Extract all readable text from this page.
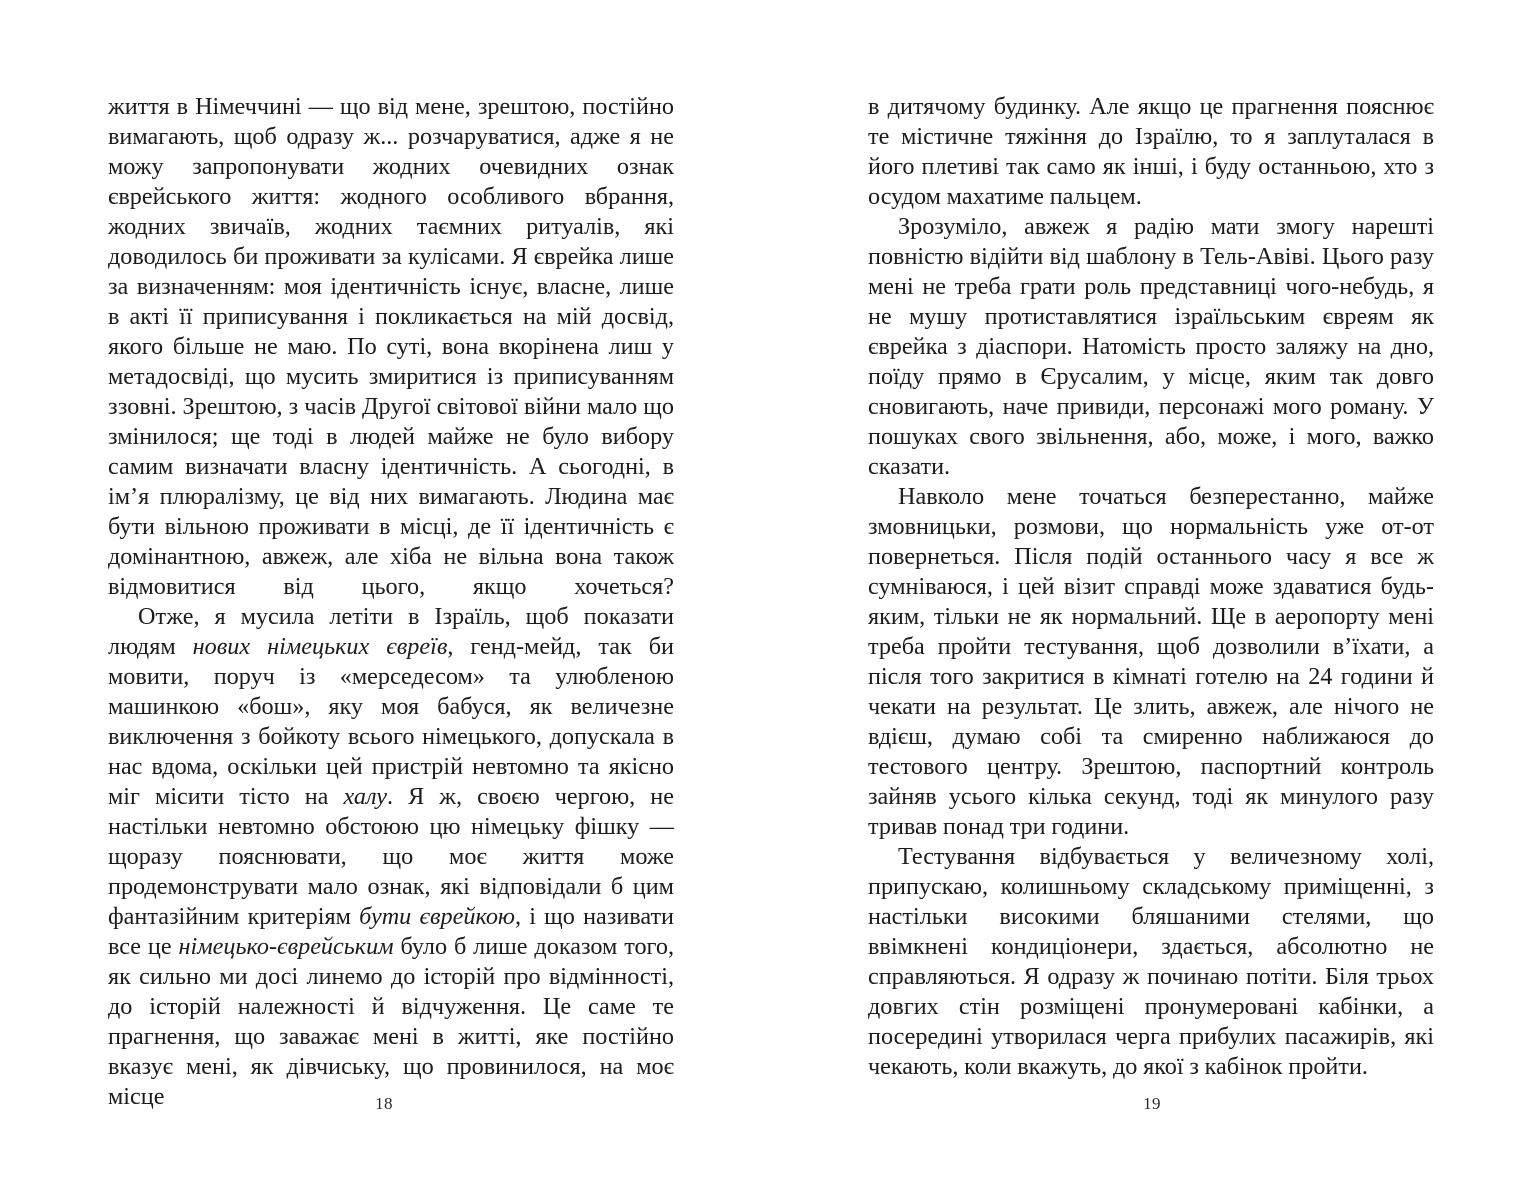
життя в Німеччині — що від мене, зрештою, постійно вимагають, щоб одразу ж... розчаруватися, адже я не можу запропонувати жодних очевидних ознак єврейського життя: жодного особливого вбрання, жодних звичаїв, жодних таємних ритуалів, які доводилось би проживати за кулісами. Я єврейка лише за визначенням: моя ідентичність існує, власне, лише в акті її приписування і покликається на мій досвід, якого більше не маю. По суті, вона вкорінена лиш у метадосвіді, що мусить змиритися із приписуванням ззовні. Зрештою, з часів Другої світової війни мало що змінилося; ще тоді в людей майже не було вибору самим визначати власну ідентичність. А сьогодні, в ім’я плюралізму, це від них вимагають. Людина має бути вільною проживати в місці, де її ідентичність є домінантною, авжеж, але хіба не вільна вона також відмовитися від цього, якщо хочеться?

Отже, я мусила летіти в Ізраїль, щоб показати людям нових німецьких євреїв, генд-мейд, так би мовити, поруч із «мерседесом» та улюбленою машинкою «бош», яку моя бабуся, як величезне виключення з бойкоту всього німецького, допускала в нас вдома, оскільки цей пристрій невтомно та якісно міг місити тісто на халу. Я ж, своєю чергою, не настільки невтомно обстоюю цю німецьку фішку — щоразу пояснювати, що моє життя може продемонструвати мало ознак, які відповідали б цим фантазійним критеріям бути єврейкою, і що називати все це німецько-єврейським було б лише доказом того, як сильно ми досі линемо до історій про відмінності, до історій належності й відчуження. Це саме те прагнення, що заважає мені в житті, яке постійно вказує мені, як дівчиську, що провинилося, на моє місце	18

в дитячому будинку. Але якщо це прагнення пояснює те містичне тяжіння до Ізраїлю, то я заплуталася в його плетиві так само як інші, і буду останньою, хто з осудом махатиме пальцем.

Зрозуміло, авжеж я радію мати змогу нарешті повністю відійти від шаблону в Тель-Авіві. Цього разу мені не треба грати роль представниці чого-небудь, я не мушу протиставлятися ізраїльським євреям як єврейка з діаспори. Натомість просто заляжу на дно, поїду прямо в Єрусалим, у місце, яким так довго сновигають, наче привиди, персонажі мого роману. У пошуках свого звільнення, або, може, і мого, важко сказати.

Навколо мене точаться безперестанно, майже змовницьки, розмови, що нормальність уже от-от повернеться. Після подій останнього часу я все ж сумніваюся, і цей візит справді може здаватися будь-яким, тільки не як нормальний. Ще в аеропорту мені треба пройти тестування, щоб дозволили в’їхати, а після того закритися в кімнаті готелю на 24 години й чекати на результат. Це злить, авжеж, але нічого не вдієш, думаю собі та смиренно наближаюся до тестового центру. Зрештою, паспортний контроль зайняв усього кілька секунд, тоді як минулого разу тривав понад три години.

Тестування відбувається у величезному холі, припускаю, колишньому складському приміщенні, з настільки високими бляшаними стелями, що ввімкнені кондиціонери, здається, абсолютно не справляються. Я одразу ж починаю потіти. Біля трьох довгих стін розміщені пронумеровані кабінки, а посередині утворилася черга прибулих пасажирів, які чекають, коли вкажуть, до якої з кабінок пройти.

19
